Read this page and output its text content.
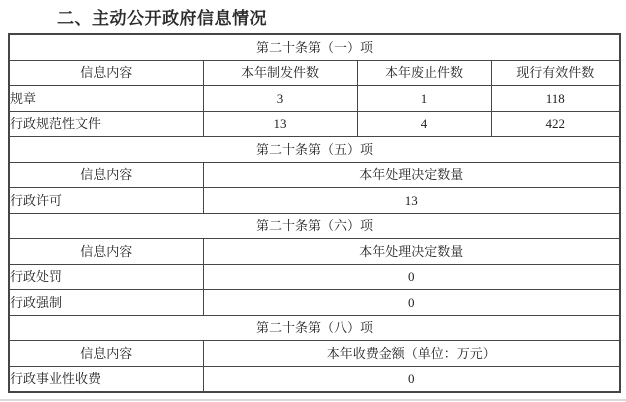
二、主动公开政府信息情况
第二十条第（一）项			
信息内容	本年制发件数	本年废止件数	现行有效件数
规章	3	1	118
行政规范性文件	13	4	422
第二十条第（五）项			
信息内容	本年处理决定数量		
行政许可	13		
第二十条第（六）项			
信息内容	本年处理决定数量		
行政处罚	0		
行政强制	0		
第二十条第（八）项			
信息内容	本年收费金额（单位：万元）		
行政事业性收费	0		
